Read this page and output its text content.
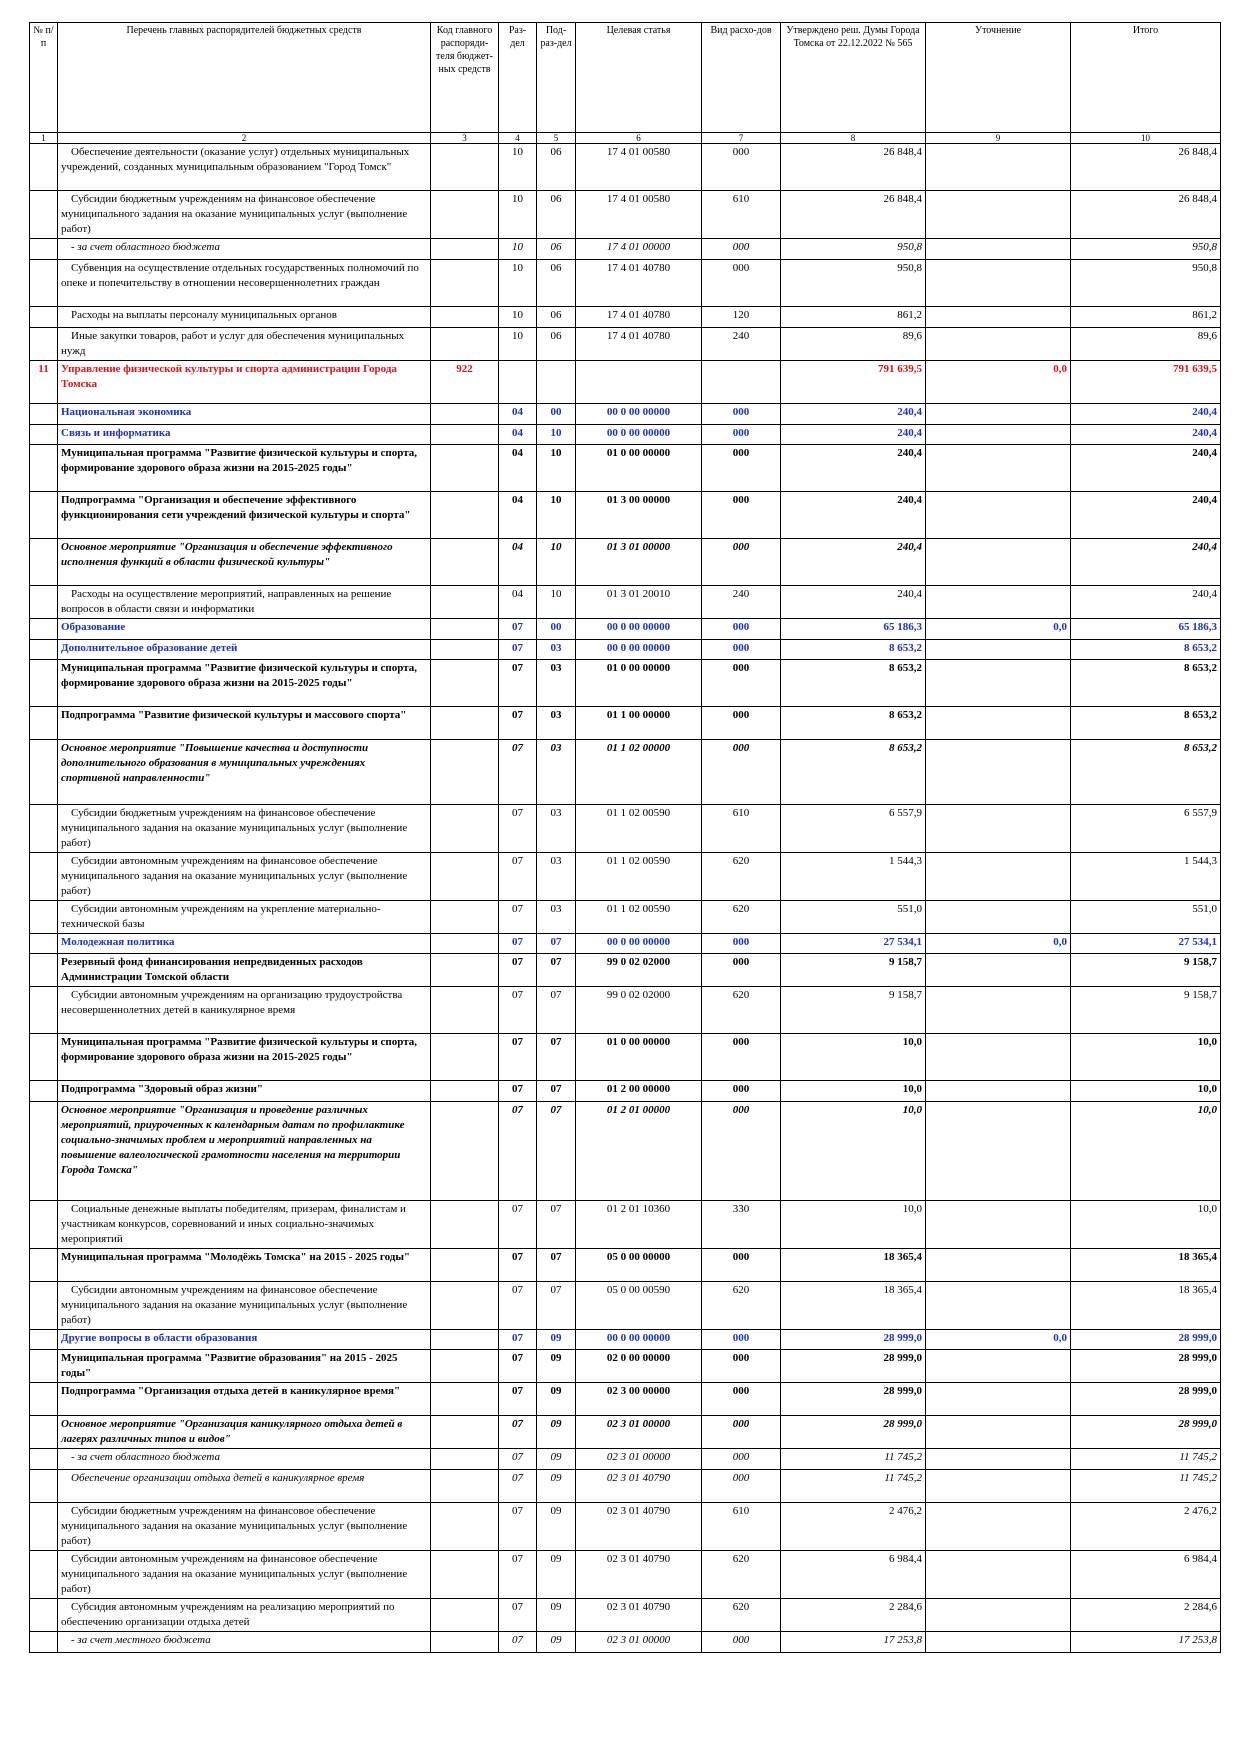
№ п/п	Перечень главных распорядителей бюджетных средств	Код главного распоряди-теля бюджет-ных средств	Раз-дел	Под-раз-дел	Целевая статья	Вид расхо-дов	Утверждено реш. Думы Города Томска от 22.12.2022 № 565	Уточнение	Итого
1	2	3	4	5	6	7	8	9	10
	Обеспечение деятельности (оказание услуг) отдельных муниципальных учреждений, созданных муниципальным образованием "Город Томск"		10	06	17 4 01 00580	000	26 848,4		26 848,4
	Субсидии бюджетным учреждениям на финансовое обеспечение муниципального задания на оказание муниципальных услуг (выполнение работ)		10	06	17 4 01 00580	610	26 848,4		26 848,4
	- за счет областного бюджета		10	06	17 4 01 00000	000	950,8		950,8
	Субвенция на осуществление отдельных государственных полномочий по опеке и попечительству в отношении несовершеннолетних граждан		10	06	17 4 01 40780	000	950,8		950,8
	Расходы на выплаты персоналу муниципальных органов		10	06	17 4 01 40780	120	861,2		861,2
	Иные закупки товаров, работ и услуг для обеспечения муниципальных нужд		10	06	17 4 01 40780	240	89,6		89,6
11	Управление физической культуры и спорта администрации Города Томска	922					791 639,5	0,0	791 639,5
	Национальная экономика		04	00	00 0 00 00000	000	240,4		240,4
	Связь и информатика		04	10	00 0 00 00000	000	240,4		240,4
	Муниципальная программа "Развитие физической культуры и спорта, формирование здорового образа жизни на 2015-2025 годы"		04	10	01 0 00 00000	000	240,4		240,4
	Подпрограмма "Организация и обеспечение эффективного функционирования сети учреждений физической культуры и спорта"		04	10	01 3 00 00000	000	240,4		240,4
	Основное мероприятие "Организация и обеспечение эффективного исполнения функций в области физической культуры"		04	10	01 3 01 00000	000	240,4		240,4
	Расходы на осуществление мероприятий, направленных на решение вопросов в области связи и информатики		04	10	01 3 01 20010	240	240,4		240,4
	Образование		07	00	00 0 00 00000	000	65 186,3	0,0	65 186,3
	Дополнительное образование детей		07	03	00 0 00 00000	000	8 653,2		8 653,2
	Муниципальная программа "Развитие физической культуры и спорта, формирование здорового образа жизни на 2015-2025 годы"		07	03	01 0 00 00000	000	8 653,2		8 653,2
	Подпрограмма "Развитие физической культуры и массового спорта"		07	03	01 1 00 00000	000	8 653,2		8 653,2
	Основное мероприятие "Повышение качества и доступности дополнительного образования в муниципальных учреждениях спортивной направленности"		07	03	01 1 02 00000	000	8 653,2		8 653,2
	Субсидии бюджетным учреждениям на финансовое обеспечение муниципального задания на оказание муниципальных услуг (выполнение работ)		07	03	01 1 02 00590	610	6 557,9		6 557,9
	Субсидии автономным учреждениям на финансовое обеспечение муниципального задания на оказание муниципальных услуг (выполнение работ)		07	03	01 1 02 00590	620	1 544,3		1 544,3
	Субсидии автономным учреждениям на укрепление материально-технической базы		07	03	01 1 02 00590	620	551,0		551,0
	Молодежная политика		07	07	00 0 00 00000	000	27 534,1	0,0	27 534,1
	Резервный фонд финансирования непредвиденных расходов Администрации Томской области		07	07	99 0 02 02000	000	9 158,7		9 158,7
	Субсидии автономным учреждениям на организацию трудоустройства несовершеннолетних детей в каникулярное время		07	07	99 0 02 02000	620	9 158,7		9 158,7
	Муниципальная программа "Развитие физической культуры и спорта, формирование здорового образа жизни на 2015-2025 годы"		07	07	01 0 00 00000	000	10,0		10,0
	Подпрограмма "Здоровый образ жизни"		07	07	01 2 00 00000	000	10,0		10,0
	Основное мероприятие "Организация и проведение различных мероприятий, приуроченных к календарным датам по профилактике социально-значимых проблем и мероприятий направленных на повышение валеологической грамотности населения на территории Города Томска"		07	07	01 2 01 00000	000	10,0		10,0
	Социальные денежные выплаты победителям, призерам, финалистам и участникам конкурсов, соревнований и иных социально-значимых мероприятий		07	07	01 2 01 10360	330	10,0		10,0
	Муниципальная программа "Молодёжь Томска" на 2015 - 2025 годы"		07	07	05 0 00 00000	000	18 365,4		18 365,4
	Субсидии автономным учреждениям на финансовое обеспечение муниципального задания на оказание муниципальных услуг (выполнение работ)		07	07	05 0 00 00590	620	18 365,4		18 365,4
	Другие вопросы в области образования		07	09	00 0 00 00000	000	28 999,0	0,0	28 999,0
	Муниципальная программа "Развитие образования" на 2015 - 2025 годы"		07	09	02 0 00 00000	000	28 999,0		28 999,0
	Подпрограмма "Организация отдыха детей в каникулярное время"		07	09	02 3 00 00000	000	28 999,0		28 999,0
	Основное мероприятие "Организация каникулярного отдыха детей в лагерях различных типов и видов"		07	09	02 3 01 00000	000	28 999,0		28 999,0
	- за счет областного бюджета		07	09	02 3 01 00000	000	11 745,2		11 745,2
	Обеспечение организации отдыха детей в каникулярное время		07	09	02 3 01 40790	000	11 745,2		11 745,2
	Субсидии бюджетным учреждениям на финансовое обеспечение муниципального задания на оказание муниципальных услуг (выполнение работ)		07	09	02 3 01 40790	610	2 476,2		2 476,2
	Субсидии автономным учреждениям на финансовое обеспечение муниципального задания на оказание муниципальных услуг (выполнение работ)		07	09	02 3 01 40790	620	6 984,4		6 984,4
	Субсидия автономным учреждениям на реализацию мероприятий по обеспечению организации отдыха детей		07	09	02 3 01 40790	620	2 284,6		2 284,6
	- за счет местного бюджета		07	09	02 3 01 00000	000	17 253,8		17 253,8
